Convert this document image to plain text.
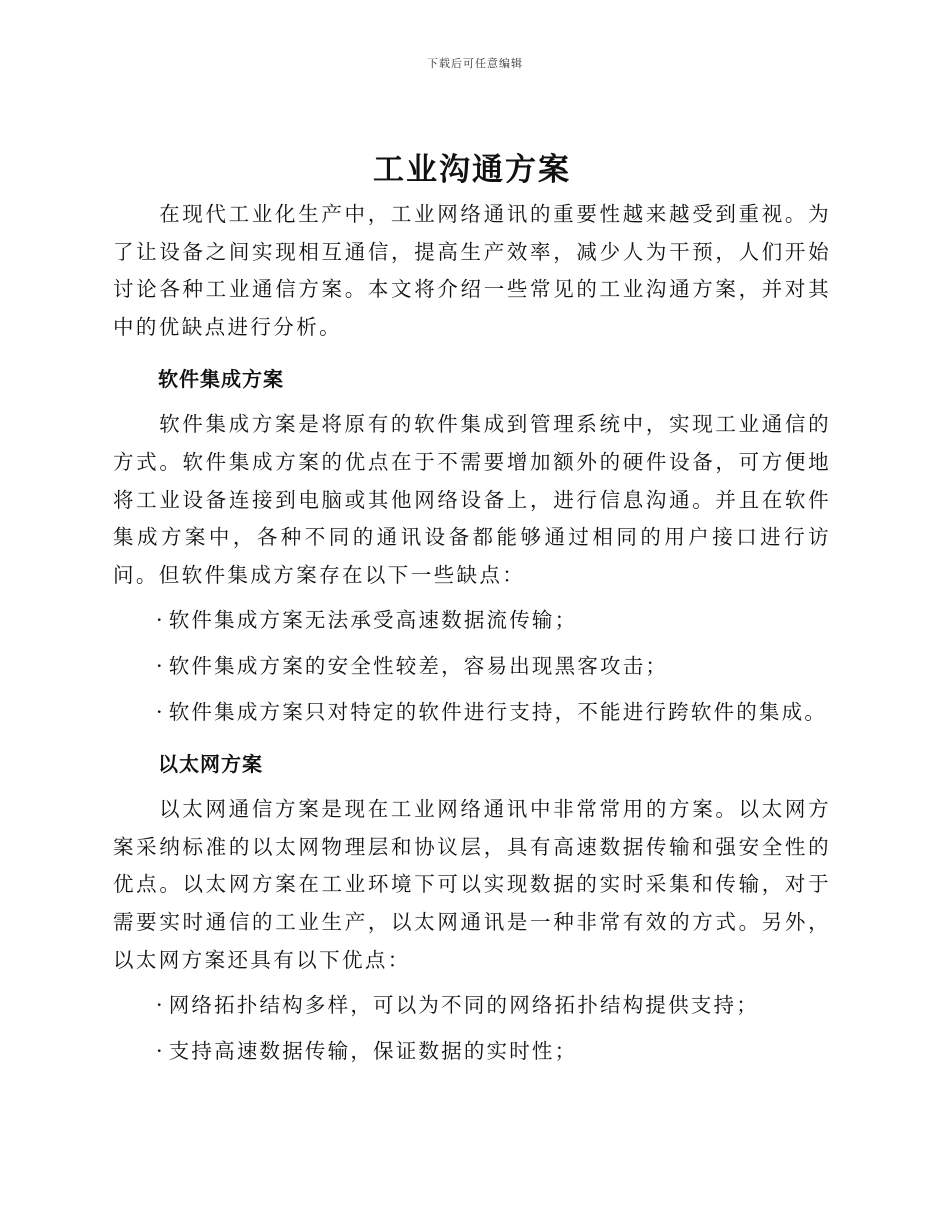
下载后可任意编辑
工业沟通方案

在现代工业化生产中，工业网络通讯的重要性越来越受到重视。为了让设备之间实现相互通信，提高生产效率，减少人为干预，人们开始讨论各种工业通信方案。本文将介绍一些常见的工业沟通方案，并对其中的优缺点进行分析。

软件集成方案

软件集成方案是将原有的软件集成到管理系统中，实现工业通信的方式。软件集成方案的优点在于不需要增加额外的硬件设备，可方便地将工业设备连接到电脑或其他网络设备上，进行信息沟通。并且在软件集成方案中，各种不同的通讯设备都能够通过相同的用户接口进行访问。但软件集成方案存在以下一些缺点：

· 软件集成方案无法承受高速数据流传输；
· 软件集成方案的安全性较差，容易出现黑客攻击；
· 软件集成方案只对特定的软件进行支持，不能进行跨软件的集成。
以太网方案

以太网通信方案是现在工业网络通讯中非常常用的方案。以太网方案采纳标准的以太网物理层和协议层，具有高速数据传输和强安全性的优点。以太网方案在工业环境下可以实现数据的实时采集和传输，对于需要实时通信的工业生产，以太网通讯是一种非常有效的方式。另外，以太网方案还具有以下优点：

· 网络拓扑结构多样，可以为不同的网络拓扑结构提供支持；
· 支持高速数据传输，保证数据的实时性；
